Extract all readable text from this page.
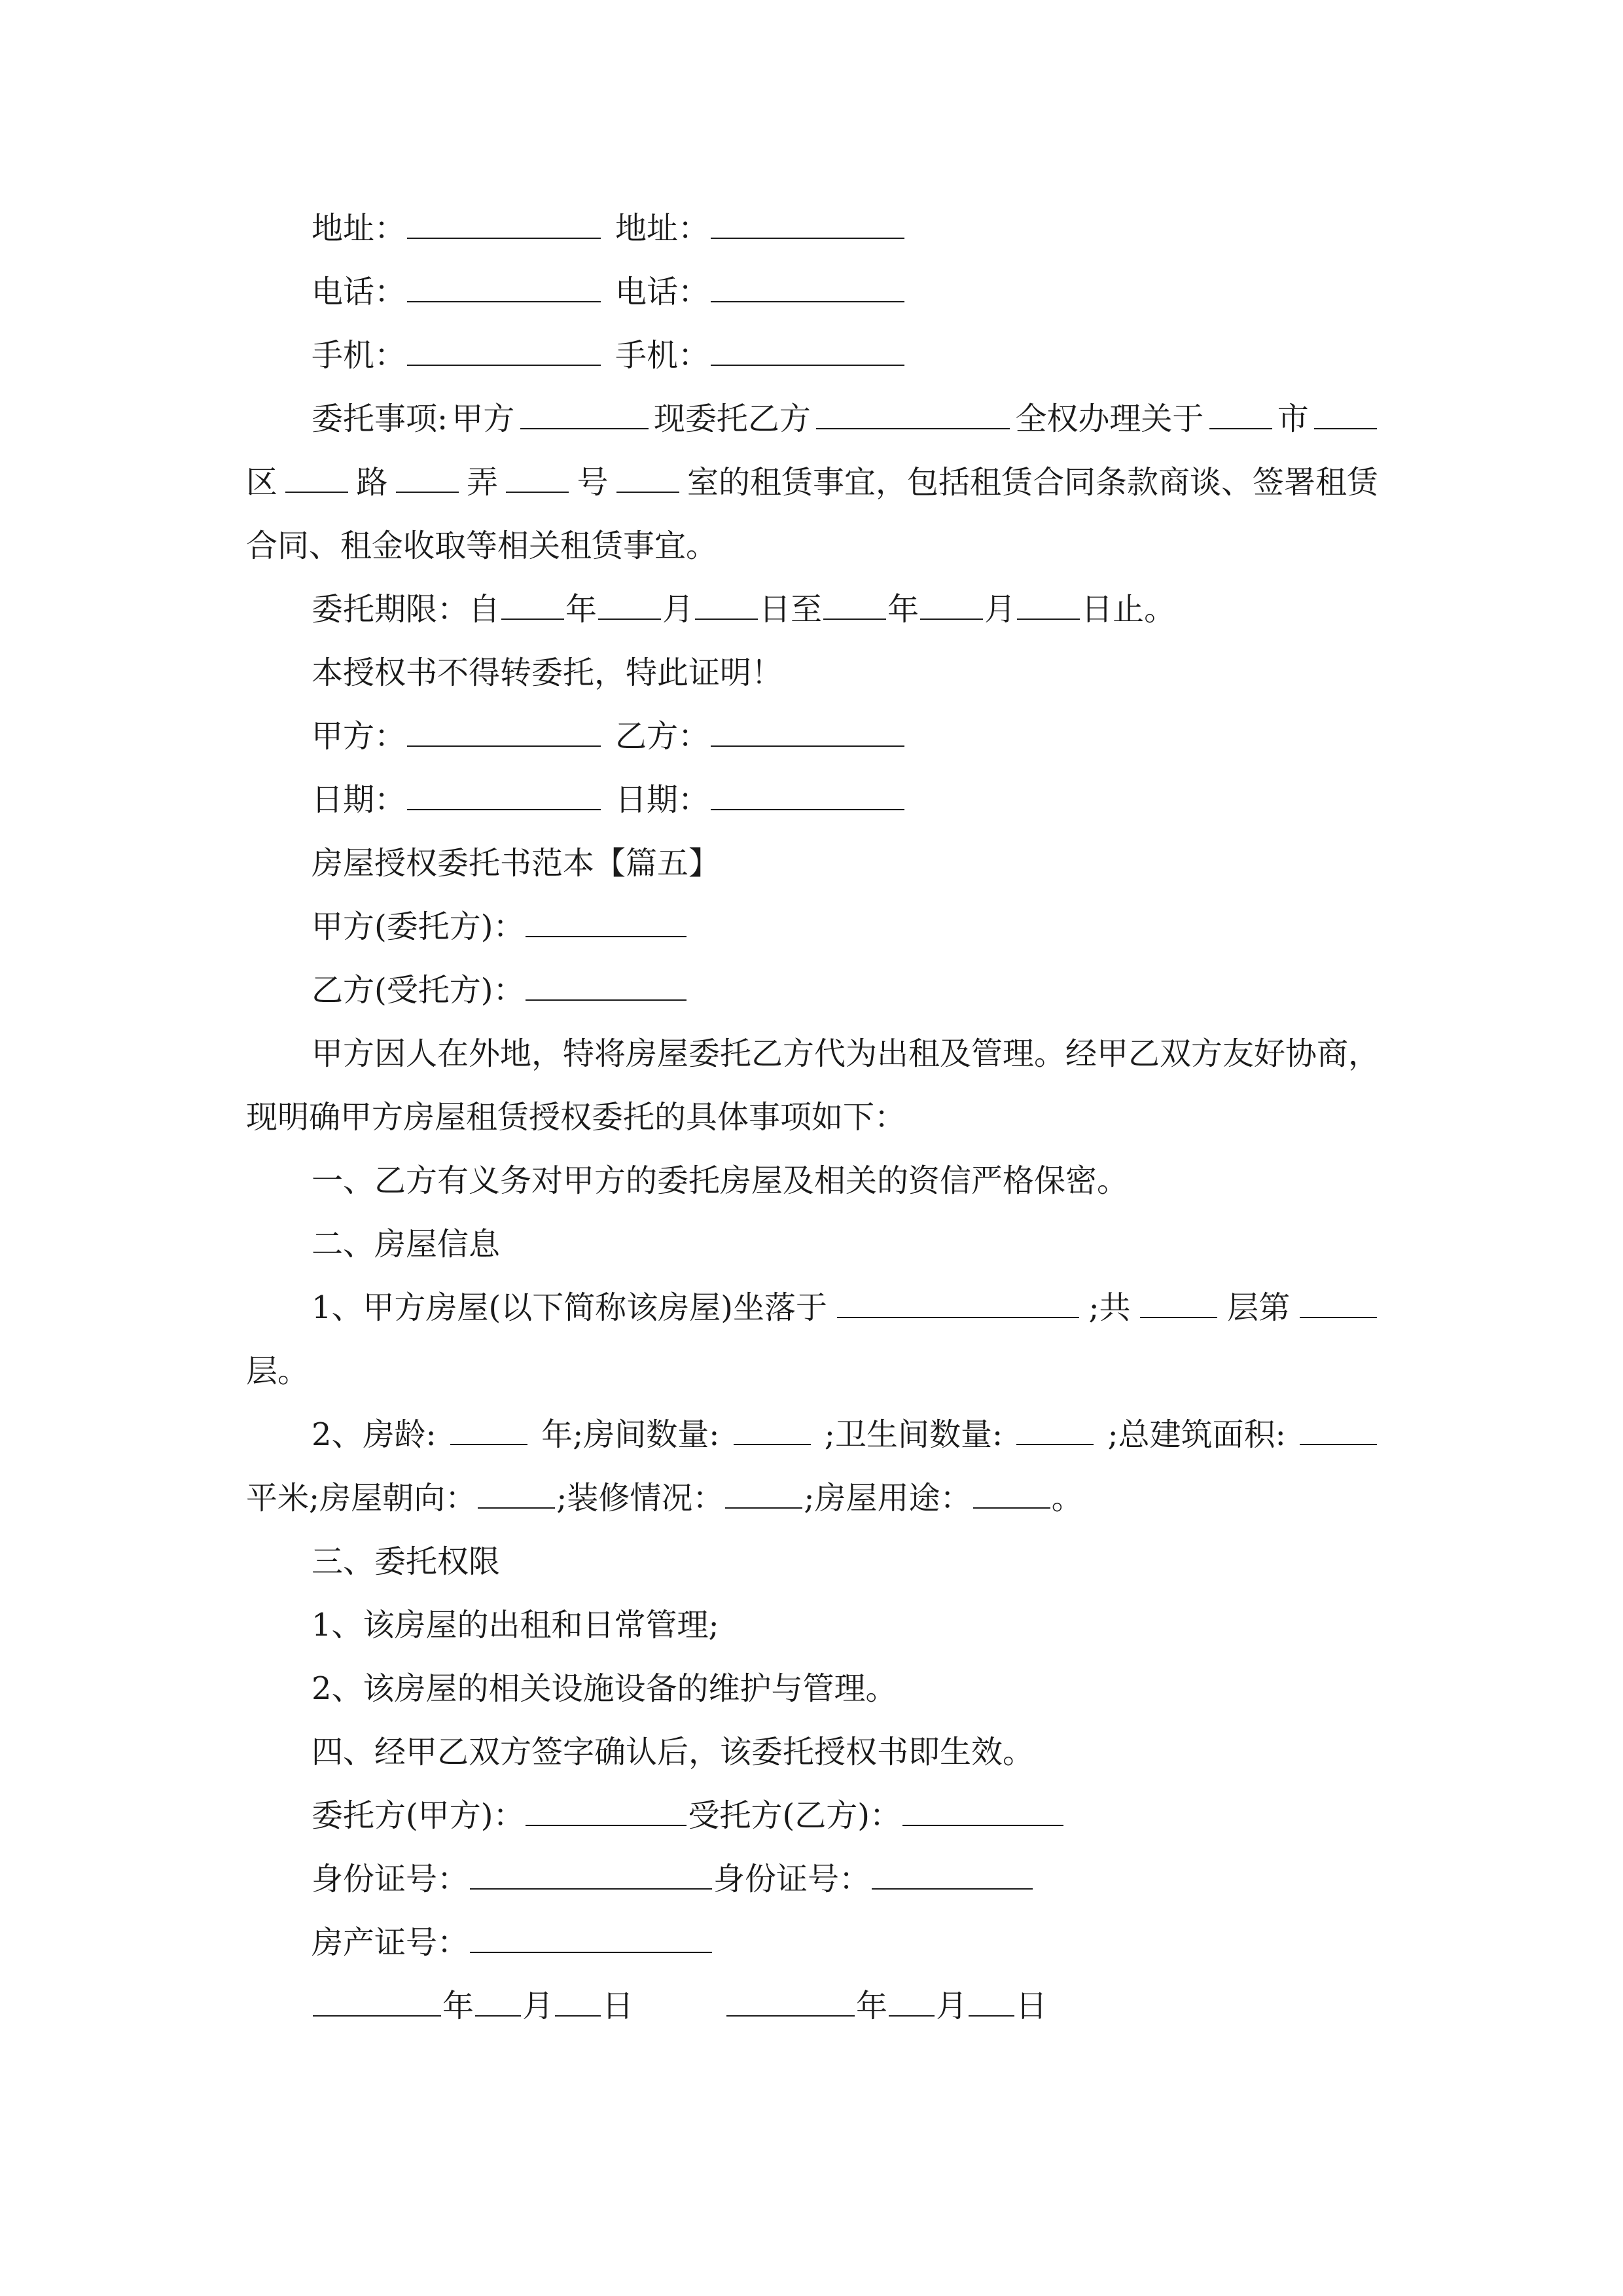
地址：	地址：
电话：	电话：
手机：	手机：
委托事项: 甲方	现委托乙方	全权办理关于 市
区	路	弄	号	室的租赁事宜，包括租赁合同条款商谈、签署租赁
合同、租金收取等相关租赁事宜。
委托期限：自 年 月 日至 年 月 日止。
本授权书不得转委托，特此证明！
甲方：	乙方：
日期：	日期：
房屋授权委托书范本【篇五】
甲方(委托方)：
乙方(受托方)：
甲方因人在外地，特将房屋委托乙方代为出租及管理。经甲乙双方友好协商，
现明确甲方房屋租赁授权委托的具体事项如下：
一、乙方有义务对甲方的委托房屋及相关的资信严格保密。
二、房屋信息
1、甲方房屋(以下简称该房屋)坐落于	;共	层第
层。
2、房龄:	年;房间数量:	;卫生间数量:	;总建筑面积:
平米;房屋朝向：	;装修情况：	;房屋用途：	。
三、委托权限
1、该房屋的出租和日常管理;
2、该房屋的相关设施设备的维护与管理。
四、经甲乙双方签字确认后，该委托授权书即生效。
委托方(甲方)：	受托方(乙方)：
身份证号：	身份证号：
房产证号：
年 月 日	年 月 日
